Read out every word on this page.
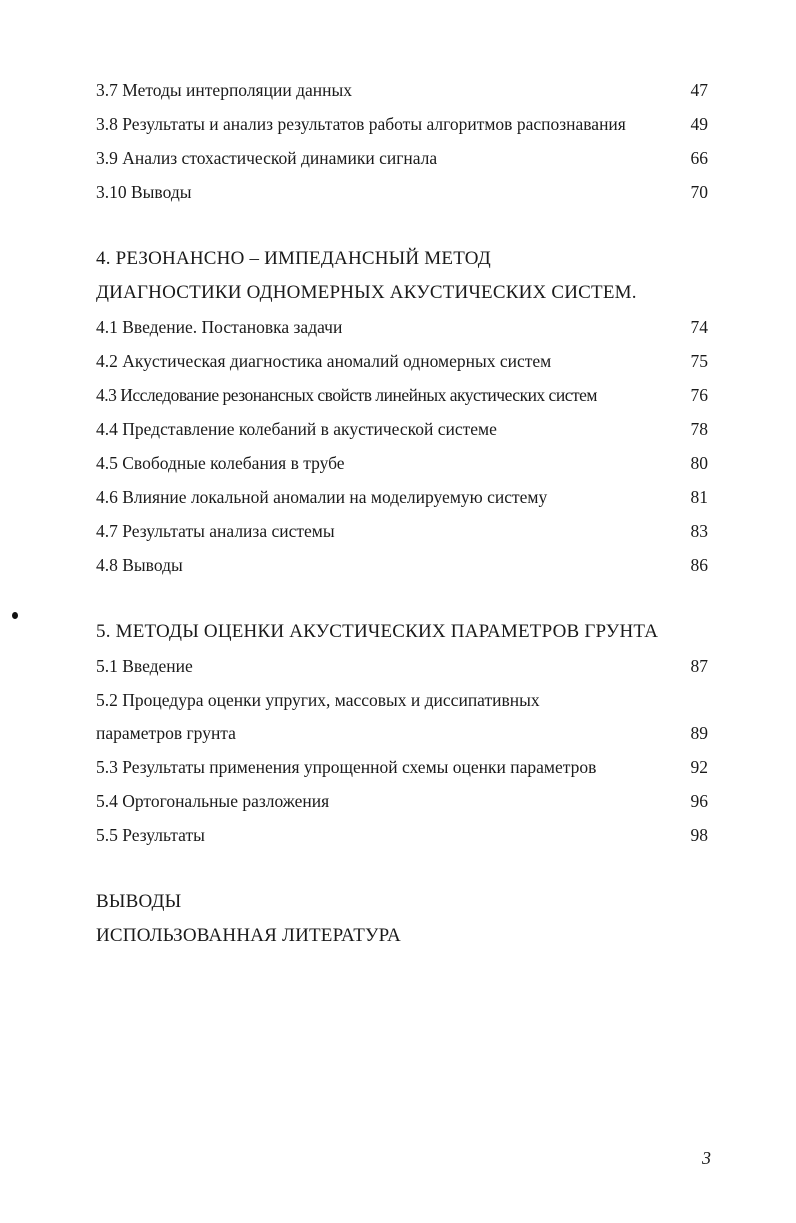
3.7 Методы интерполяции данных	47
3.8 Результаты и анализ результатов работы алгоритмов распознавания	49
3.9 Анализ стохастической динамики сигнала	66
3.10 Выводы	70
4. РЕЗОНАНСНО – ИМПЕДАНСНЫЙ МЕТОД
ДИАГНОСТИКИ ОДНОМЕРНЫХ АКУСТИЧЕСКИХ СИСТЕМ.
4.1 Введение. Постановка задачи	74
4.2 Акустическая диагностика аномалий одномерных систем	75
4.3 Исследование резонансных свойств линейных акустических систем	76
4.4 Представление колебаний в акустической системе	78
4.5 Свободные колебания в трубе	80
4.6 Влияние локальной аномалии на моделируемую систему	81
4.7 Результаты анализа системы	83
4.8 Выводы	86
5. МЕТОДЫ ОЦЕНКИ АКУСТИЧЕСКИХ ПАРАМЕТРОВ ГРУНТА
5.1 Введение	87
5.2 Процедура оценки упругих, массовых и диссипативных
параметров грунта	89
5.3 Результаты применения упрощенной схемы оценки параметров	92
5.4 Ортогональные разложения	96
5.5 Результаты	98
ВЫВОДЫ
ИСПОЛЬЗОВАННАЯ ЛИТЕРАТУРА
3
